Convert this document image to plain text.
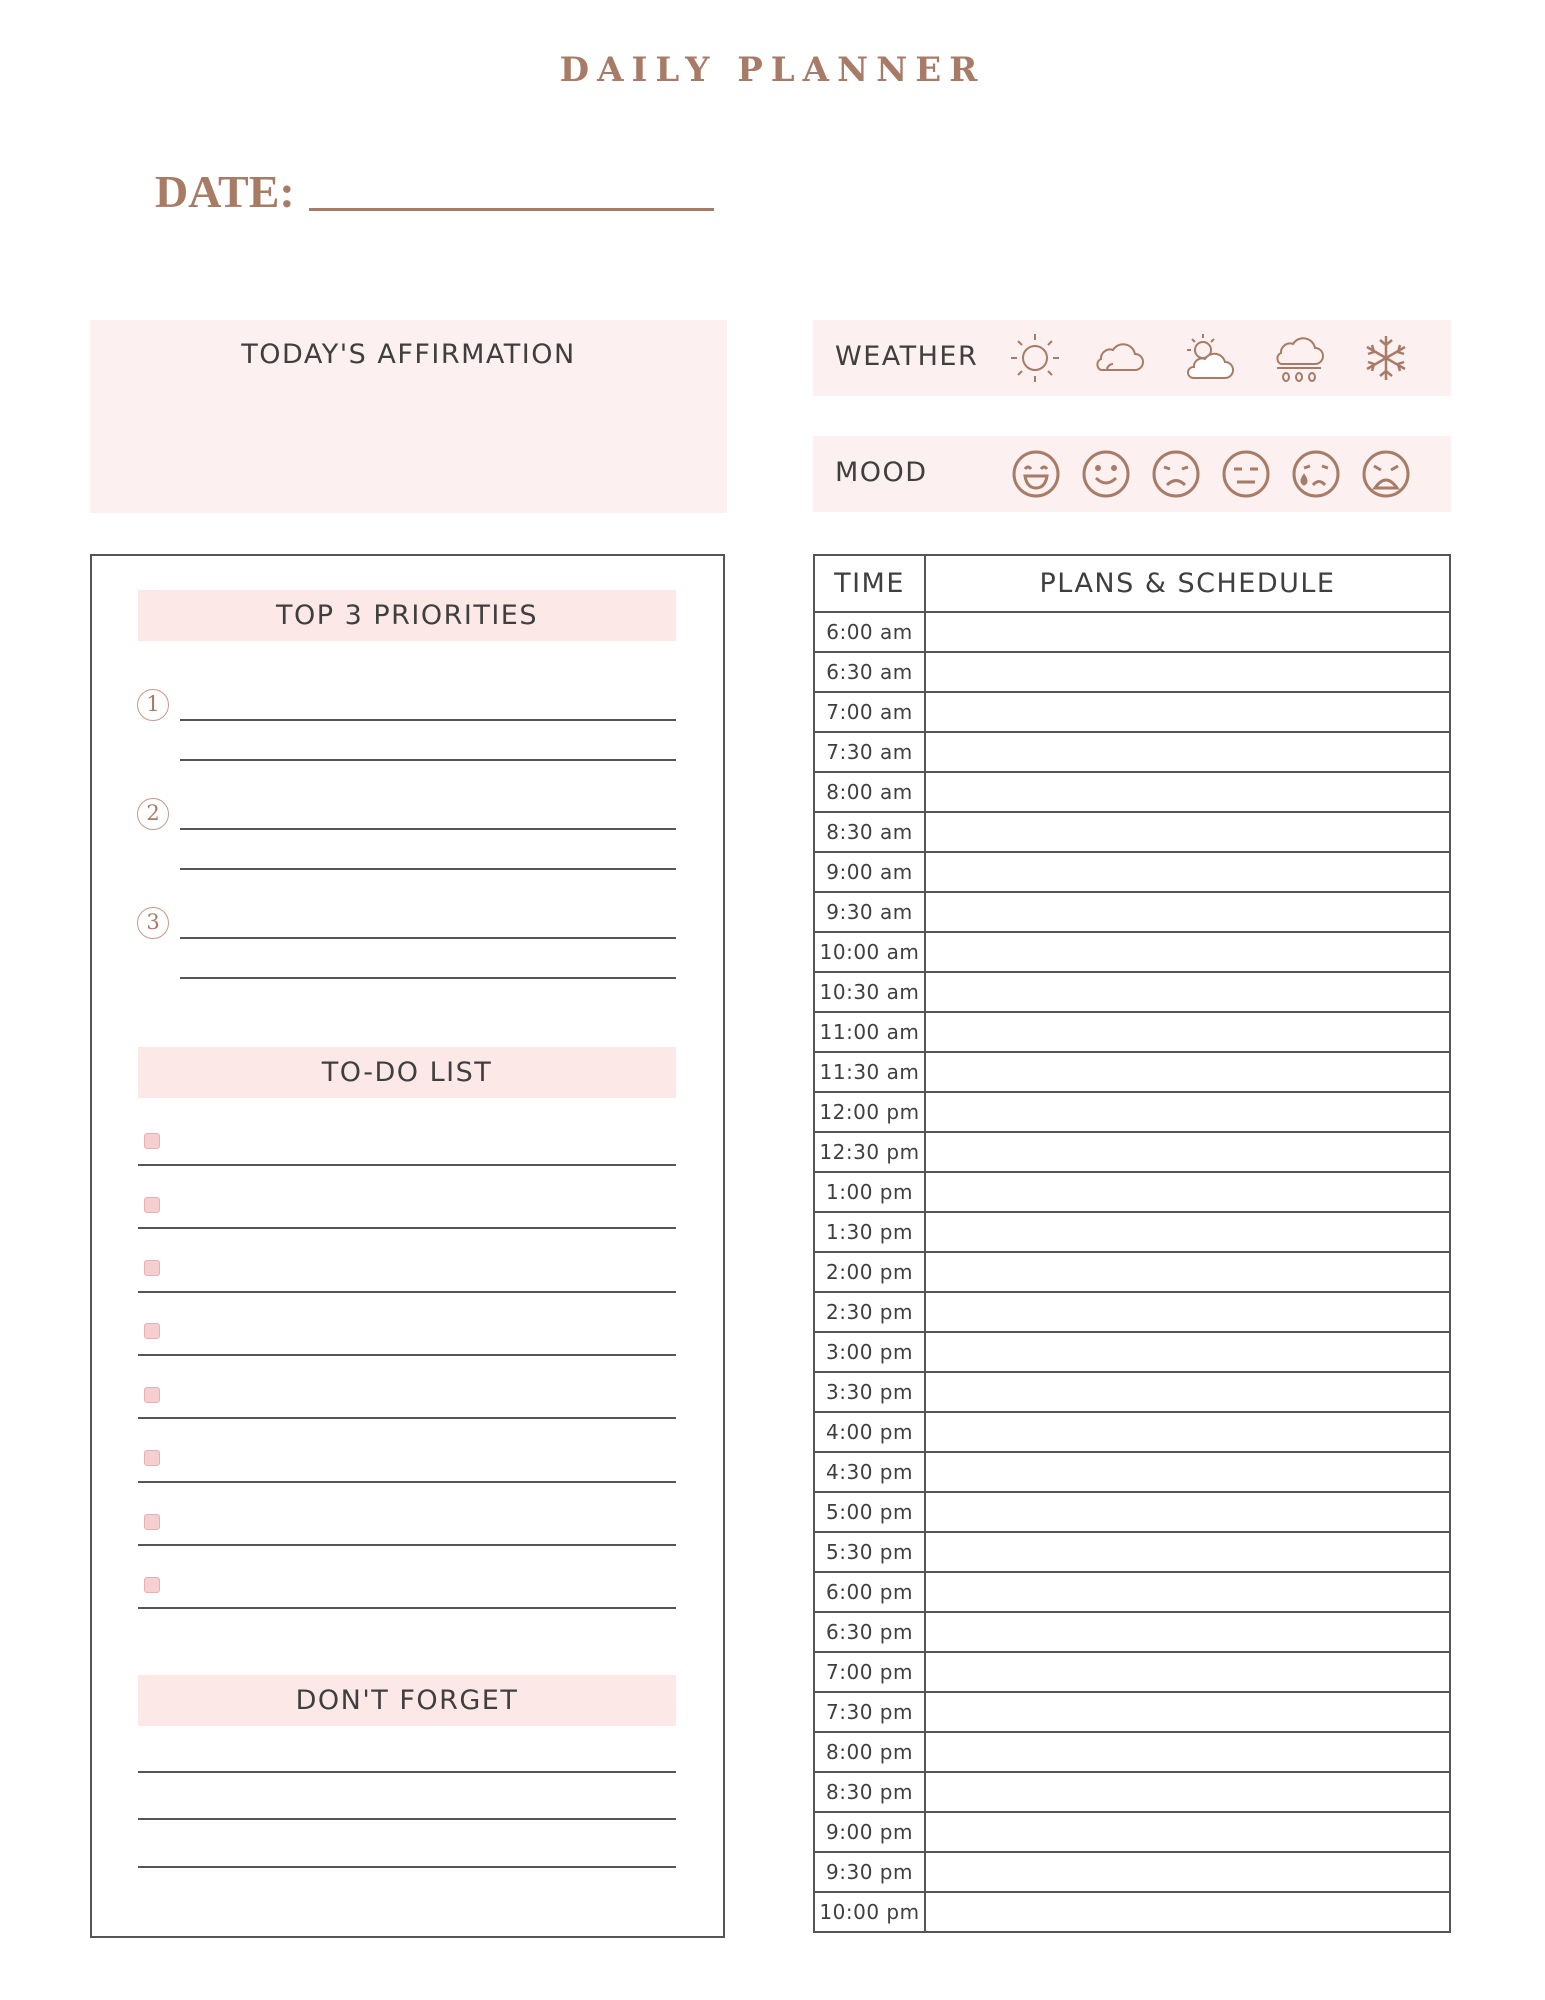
DAILY PLANNER
DATE:
TODAY'S AFFIRMATION	WEATHER
MOOD
TOP 3 PRIORITIES
1
2
3
TO-DO LIST
DON'T FORGET
TIME	PLANS & SCHEDULE
6:00 am	
6:30 am	
7:00 am	
7:30 am	
8:00 am	
8:30 am	
9:00 am	
9:30 am	
10:00 am	
10:30 am	
11:00 am	
11:30 am	
12:00 pm	
12:30 pm	
1:00 pm	
1:30 pm	
2:00 pm	
2:30 pm	
3:00 pm	
3:30 pm	
4:00 pm	
4:30 pm	
5:00 pm	
5:30 pm	
6:00 pm	
6:30 pm	
7:00 pm	
7:30 pm	
8:00 pm	
8:30 pm	
9:00 pm	
9:30 pm	
10:00 pm	
